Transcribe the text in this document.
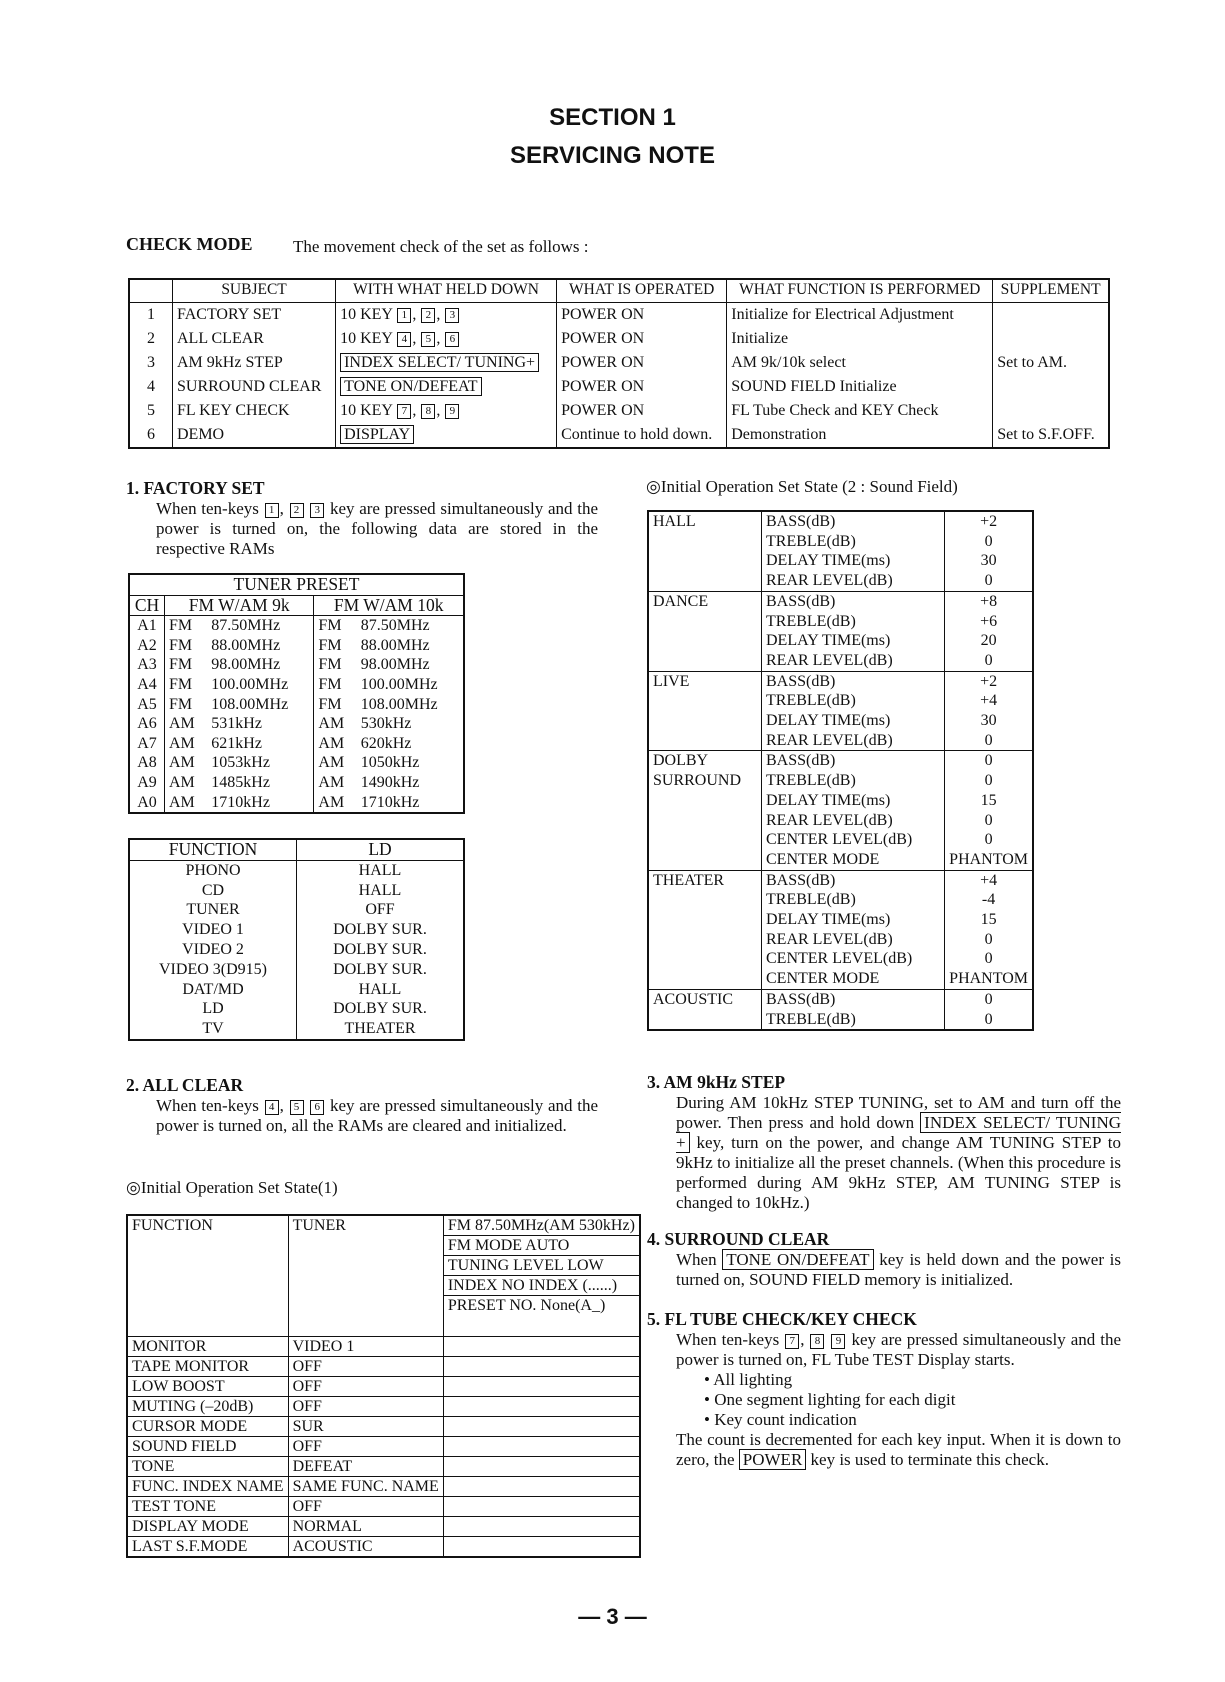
SECTION 1
SERVICING NOTE
CHECK MODE The movement check of the set as follows :
	SUBJECT	WITH WHAT HELD DOWN	WHAT IS OPERATED	WHAT FUNCTION IS PERFORMED	SUPPLEMENT
1	FACTORY SET	10 KEY 1 , 2 , 3	POWER ON	Initialize for Electrical Adjustment	
2	ALL CLEAR	10 KEY 4 , 5 , 6	POWER ON	Initialize	
3	AM 9kHz STEP	INDEX SELECT/ TUNING+	POWER ON	AM 9k/10k select	Set to AM.
4	SURROUND CLEAR	TONE ON/DEFEAT	POWER ON	SOUND FIELD Initialize	
5	FL KEY CHECK	10 KEY 7 , 8 , 9	POWER ON	FL Tube Check and KEY Check	
6	DEMO	DISPLAY	Continue to hold down.	Demonstration	Set to S.F.OFF.
1. FACTORY SET
When ten-keys 1 , 2 3 key are pressed simultaneously and the power is turned on, the following data are stored in the respective RAMs
TUNER PRESET				
CH	FM W/AM 9k		FM W/AM 10k	
A1	FM	87.50MHz	FM	87.50MHz
A2	FM	88.00MHz	FM	88.00MHz
A3	FM	98.00MHz	FM	98.00MHz
A4	FM	100.00MHz	FM	100.00MHz
A5	FM	108.00MHz	FM	108.00MHz
A6	AM	531kHz	AM	530kHz
A7	AM	621kHz	AM	620kHz
A8	AM	1053kHz	AM	1050kHz
A9	AM	1485kHz	AM	1490kHz
A0	AM	1710kHz	AM	1710kHz
FUNCTION	LD
PHONO	HALL
CD	HALL
TUNER	OFF
VIDEO 1	DOLBY SUR.
VIDEO 2	DOLBY SUR.
VIDEO 3(D915)	DOLBY SUR.
DAT/MD	HALL
LD	DOLBY SUR.
TV	THEATER
◎Initial Operation Set State (2 : Sound Field)
HALL	BASS(dB)	+2
	TREBLE(dB)	0
	DELAY TIME(ms)	30
	REAR LEVEL(dB)	0
DANCE	BASS(dB)	+8
	TREBLE(dB)	+6
	DELAY TIME(ms)	20
	REAR LEVEL(dB)	0
LIVE	BASS(dB)	+2
	TREBLE(dB)	+4
	DELAY TIME(ms)	30
	REAR LEVEL(dB)	0
DOLBY
SURROUND	BASS(dB)	0
	TREBLE(dB)	0
	DELAY TIME(ms)	15
	REAR LEVEL(dB)	0
	CENTER LEVEL(dB)	0
	CENTER MODE	PHANTOM
THEATER	BASS(dB)	+4
	TREBLE(dB)	-4
	DELAY TIME(ms)	15
	REAR LEVEL(dB)	0
	CENTER LEVEL(dB)	0
	CENTER MODE	PHANTOM
ACOUSTIC	BASS(dB)	0
	TREBLE(dB)	0
2. ALL CLEAR
When ten-keys 4 , 5 6 key are pressed simultaneously and the power is turned on, all the RAMs are cleared and initialized.
◎Initial Operation Set State(1)
FUNCTION	TUNER	FM 87.50MHz(AM 530kHz)
		FM MODE AUTO
		TUNING LEVEL LOW
		INDEX NO INDEX (......)
		PRESET NO. None(A_)
MONITOR	VIDEO 1	
TAPE MONITOR	OFF	
LOW BOOST	OFF	
MUTING (–20dB)	OFF	
CURSOR MODE	SUR	
SOUND FIELD	OFF	
TONE	DEFEAT	
FUNC. INDEX NAME	SAME FUNC. NAME	
TEST TONE	OFF	
DISPLAY MODE	NORMAL	
LAST S.F.MODE	ACOUSTIC	
3. AM 9kHz STEP
During AM 10kHz STEP TUNING, set to AM and turn off the power. Then press and hold down INDEX SELECT/ TUNING + key, turn on the power, and change AM TUNING STEP to 9kHz to initialize all the preset channels. (When this procedure is performed during AM 9kHz STEP, AM TUNING STEP is changed to 10kHz.)
4. SURROUND CLEAR
When TONE ON/DEFEAT key is held down and the power is turned on, SOUND FIELD memory is initialized.
5. FL TUBE CHECK/KEY CHECK
When ten-keys 7 , 8 9 key are pressed simultaneously and the power is turned on, FL Tube TEST Display starts.
• All lighting
• One segment lighting for each digit
• Key count indication
The count is decremented for each key input. When it is down to zero, the POWER key is used to terminate this check.
— 3 —
